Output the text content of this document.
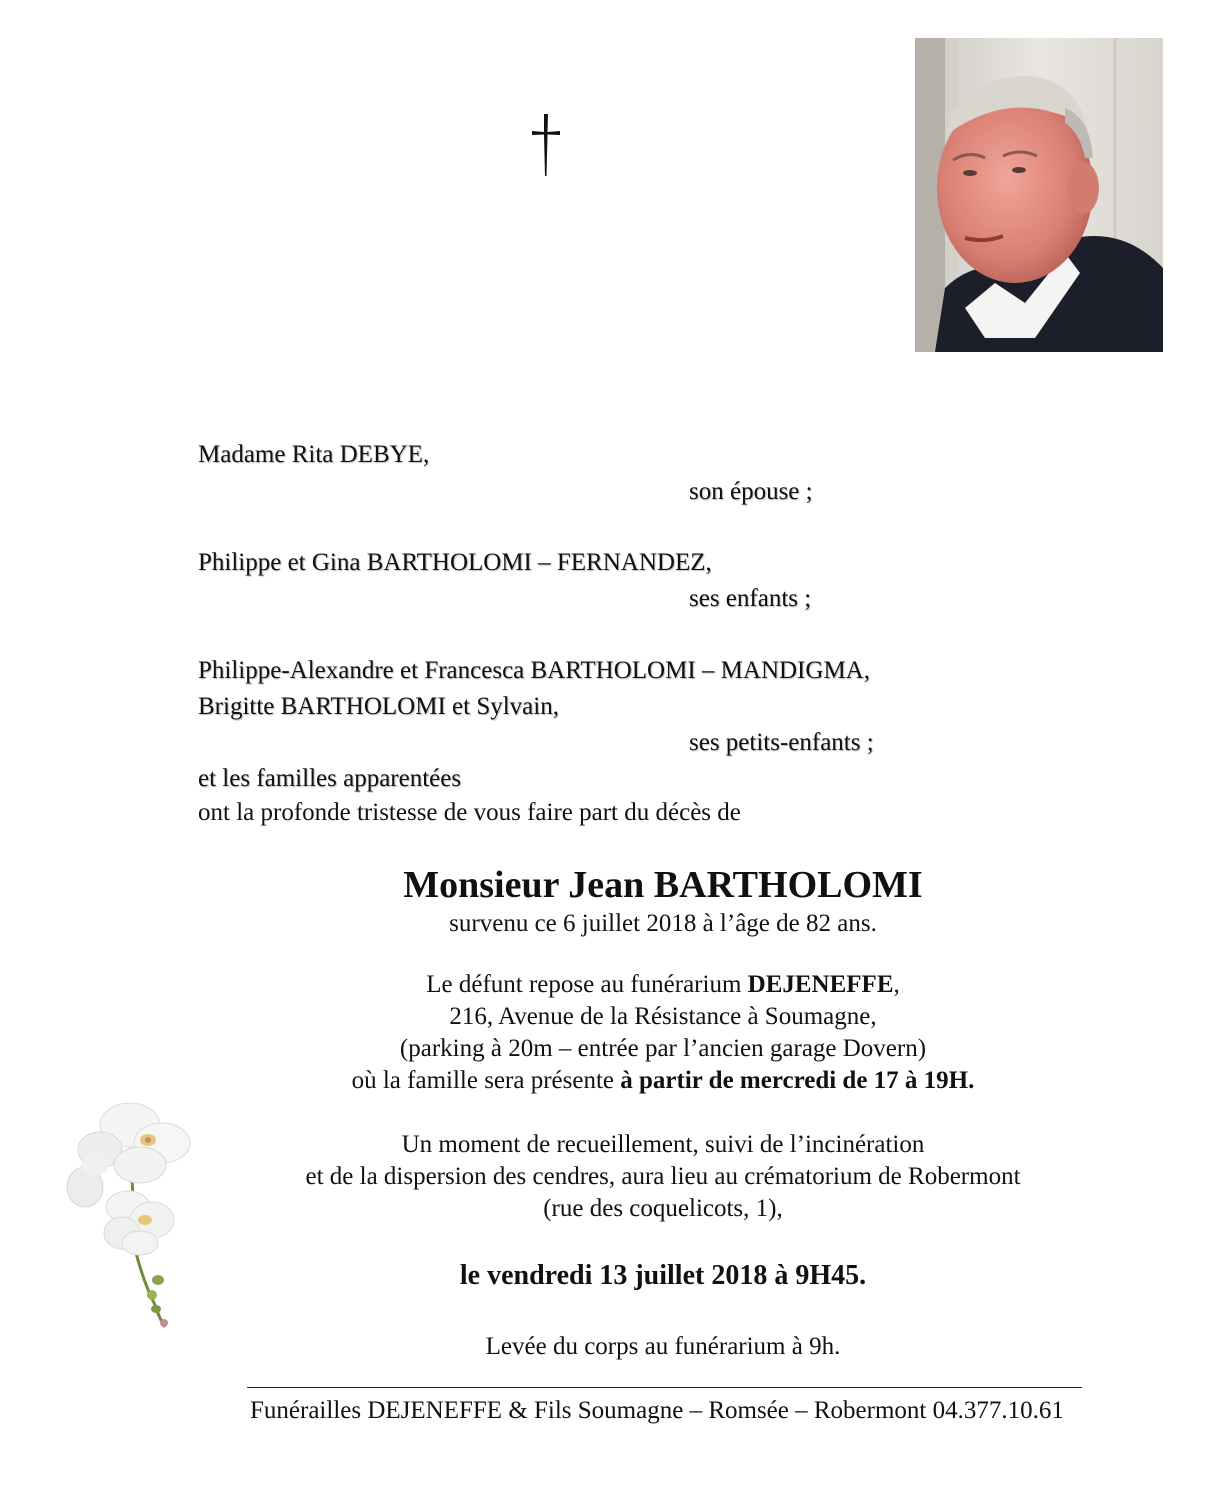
Madame Rita DEBYE,
son épouse ;
Philippe et Gina BARTHOLOMI – FERNANDEZ,
ses enfants ;
Philippe-Alexandre et Francesca BARTHOLOMI – MANDIGMA,
Brigitte BARTHOLOMI et Sylvain,
ses petits-enfants ;
et les familles apparentées
ont la profonde tristesse de vous faire part du décès de
Monsieur Jean BARTHOLOMI
survenu ce 6 juillet 2018 à l’âge de 82 ans.
Le défunt repose au funérarium DEJENEFFE,
216, Avenue de la Résistance à Soumagne,
(parking à 20m – entrée par l’ancien garage Dovern)
où la famille sera présente à partir de mercredi de 17 à 19H.
Un moment de recueillement, suivi de l’incinération
et de la dispersion des cendres, aura lieu au crématorium de Robermont
(rue des coquelicots, 1),
le vendredi 13 juillet 2018 à 9H45.
Levée du corps au funérarium à 9h.
Funérailles DEJENEFFE & Fils Soumagne – Romsée – Robermont 04.377.10.61
